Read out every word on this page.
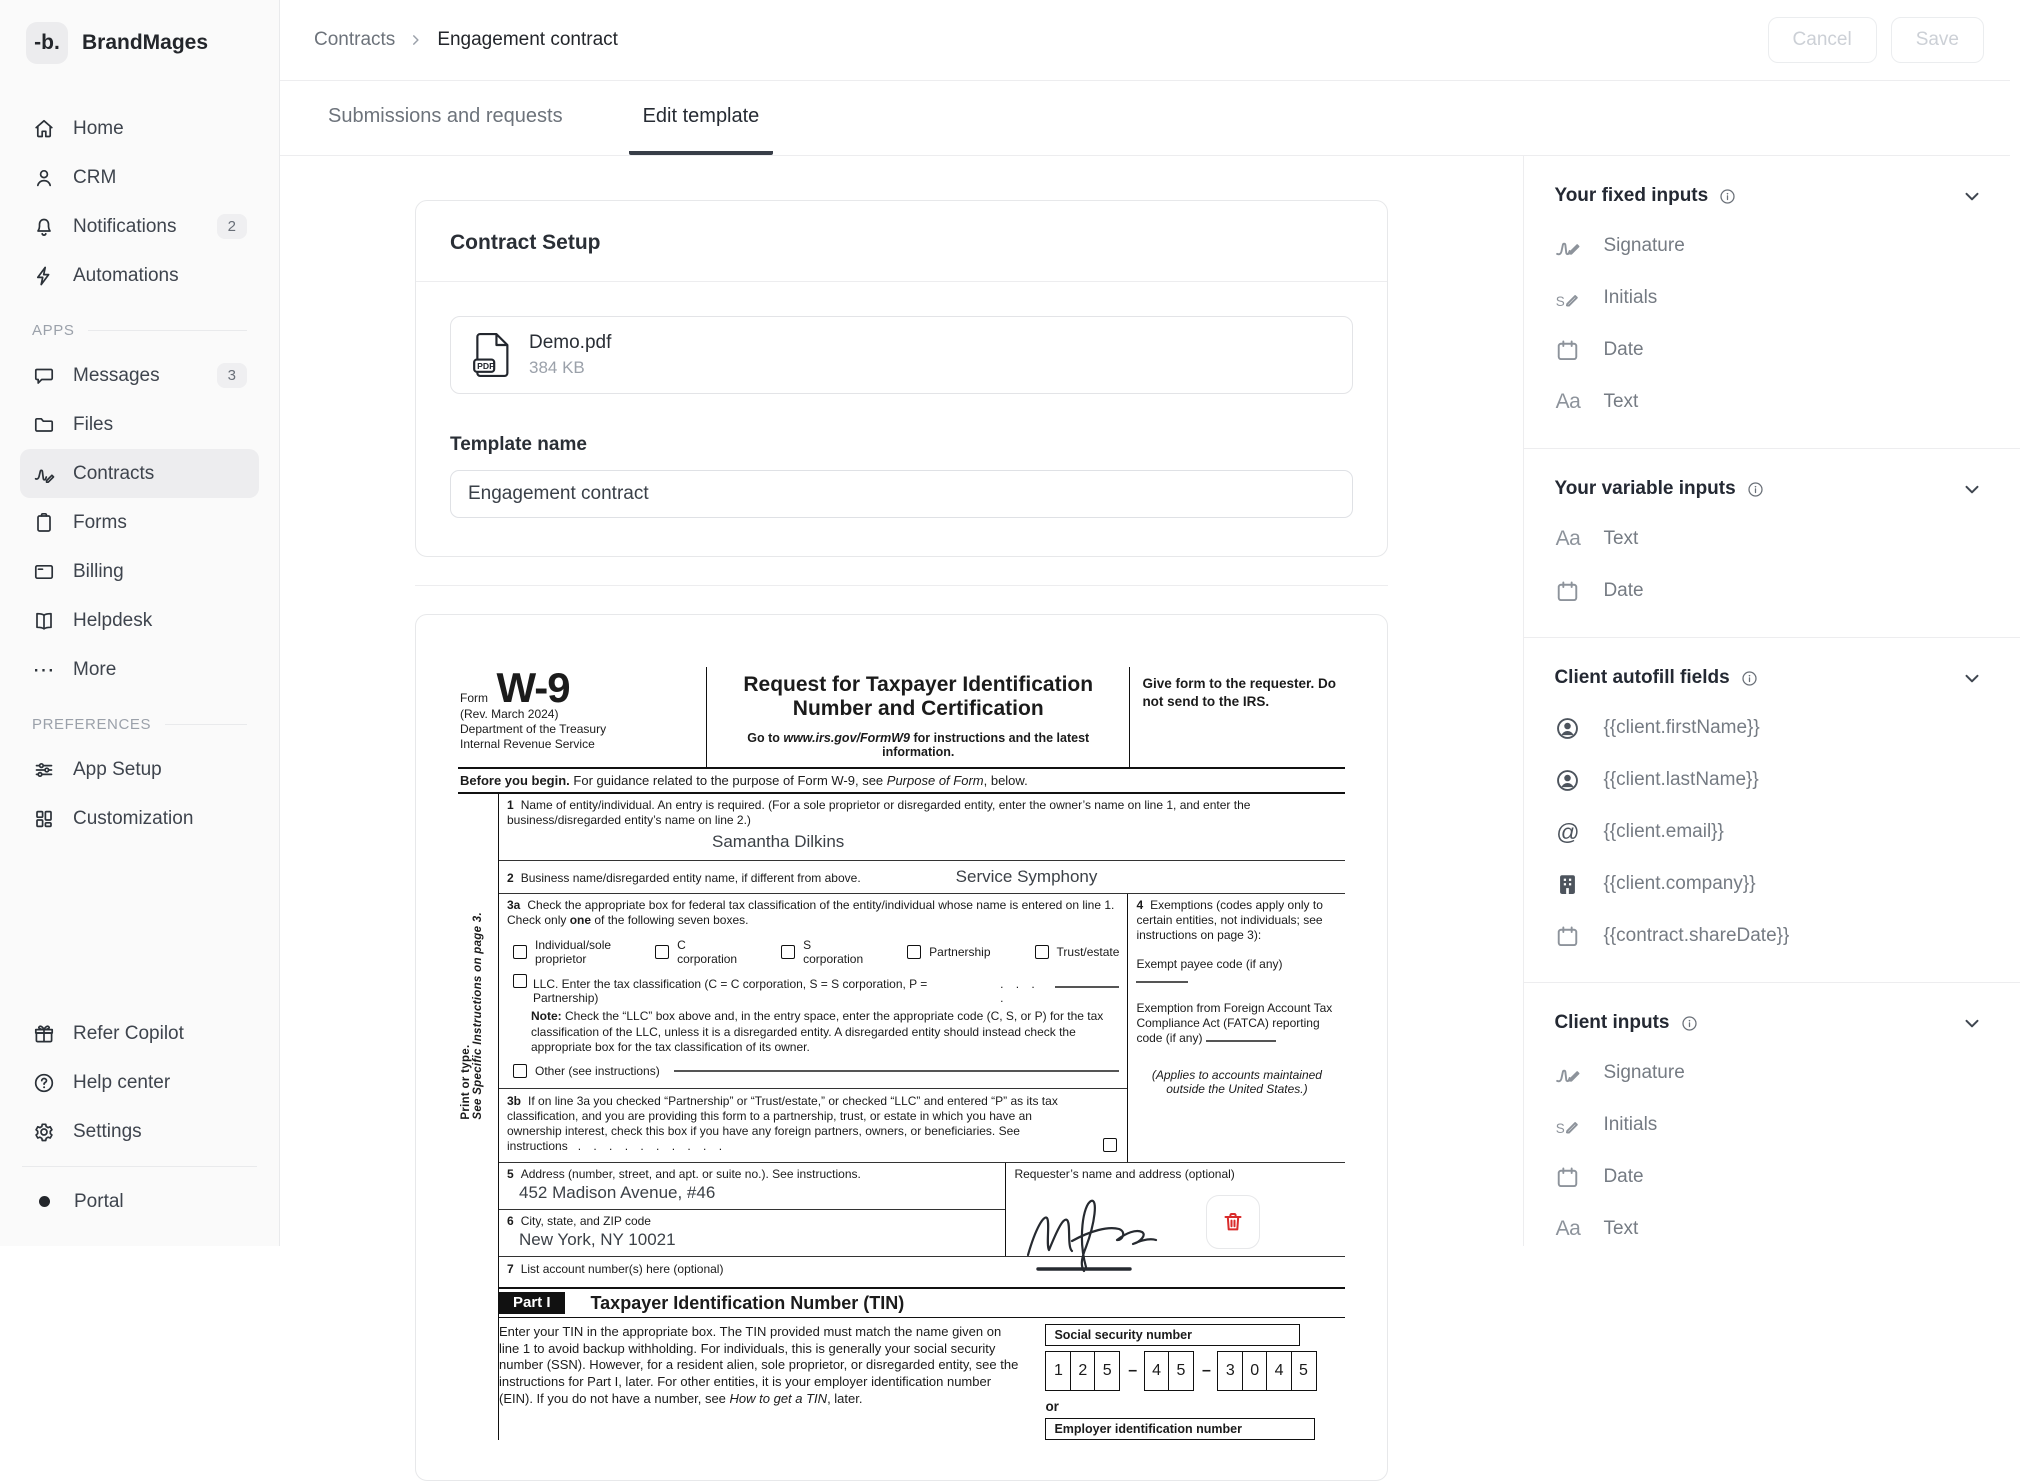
-b.	BrandMages
Home
CRM
Notifications	2
Automations
APPS
Messages	3
Files
Contracts
Forms
Billing
Helpdesk
⋯ More
PREFERENCES
App Setup
Customization
Refer Copilot
Help center
Settings
Portal
Contracts Engagement contract	Cancel	Save
Submissions and requests	Edit template
Contract Setup
PDF
Demo.pdf
384 KB
Template name
Engagement contract
Form W-9
(Rev. March 2024)
Department of the Treasury
Internal Revenue Service
Request for Taxpayer Identification Number and Certification
Go to www.irs.gov/FormW9 for instructions and the latest information.
Give form to the requester. Do not send to the IRS.
Before you begin. For guidance related to the purpose of Form W-9, see Purpose of Form, below.
Print or type. See Specific Instructions on page 3.
1 Name of entity/individual. An entry is required. (For a sole proprietor or disregarded entity, enter the owner’s name on line 1, and enter the business/disregarded entity’s name on line 2.)
Samantha Dilkins
2 Business name/disregarded entity name, if different from above.	Service Symphony
3a Check the appropriate box for federal tax classification of the entity/individual whose name is entered on line 1. Check only one of the following seven boxes.
Individual/sole proprietor
C corporation
S corporation	Partnership	Trust/estate
LLC. Enter the tax classification (C = C corporation, S = S corporation, P = Partnership)
. . . .
Note: Check the “LLC” box above and, in the entry space, enter the appropriate code (C, S, or P) for the tax classification of the LLC, unless it is a disregarded entity. A disregarded entity should instead check the appropriate box for the tax classification of its owner.
Other (see instructions)
3b If on line 3a you checked “Partnership” or “Trust/estate,” or checked “LLC” and entered “P” as its tax classification, and you are providing this form to a partnership, trust, or estate in which you have an ownership interest, check this box if you have any foreign partners, owners, or beneficiaries. See instructions . . . . . . . . . .
4 Exemptions (codes apply only to certain entities, not individuals; see instructions on page 3):
Exempt payee code (if any)
Exemption from Foreign Account Tax Compliance Act (FATCA) reporting code (if any)
(Applies to accounts maintained outside the United States.)
5 Address (number, street, and apt. or suite no.). See instructions.
452 Madison Avenue, #46
6 City, state, and ZIP code
New York, NY 10021
Requester’s name and address (optional)
7 List account number(s) here (optional)
Part I	Taxpayer Identification Number (TIN)
Enter your TIN in the appropriate box. The TIN provided must match the name given on line 1 to avoid backup withholding. For individuals, this is generally your social security number (SSN). However, for a resident alien, sole proprietor, or disregarded entity, see the instructions for Part I, later. For other entities, it is your employer identification number (EIN). If you do not have a number, see How to get a TIN, later.
Social security number
1 2 5	– 4 5	– 3 0 4 5
or
Employer identification number
Your fixed inputs
Signature
S. Initials
Date
Aa Text
Your variable inputs
Aa Text
Date
Client autofill fields
{{client.firstName}}
{{client.lastName}}
@ {{client.email}}
{{client.company}}
{{contract.shareDate}}
Client inputs
Signature
S. Initials
Date
Aa Text
